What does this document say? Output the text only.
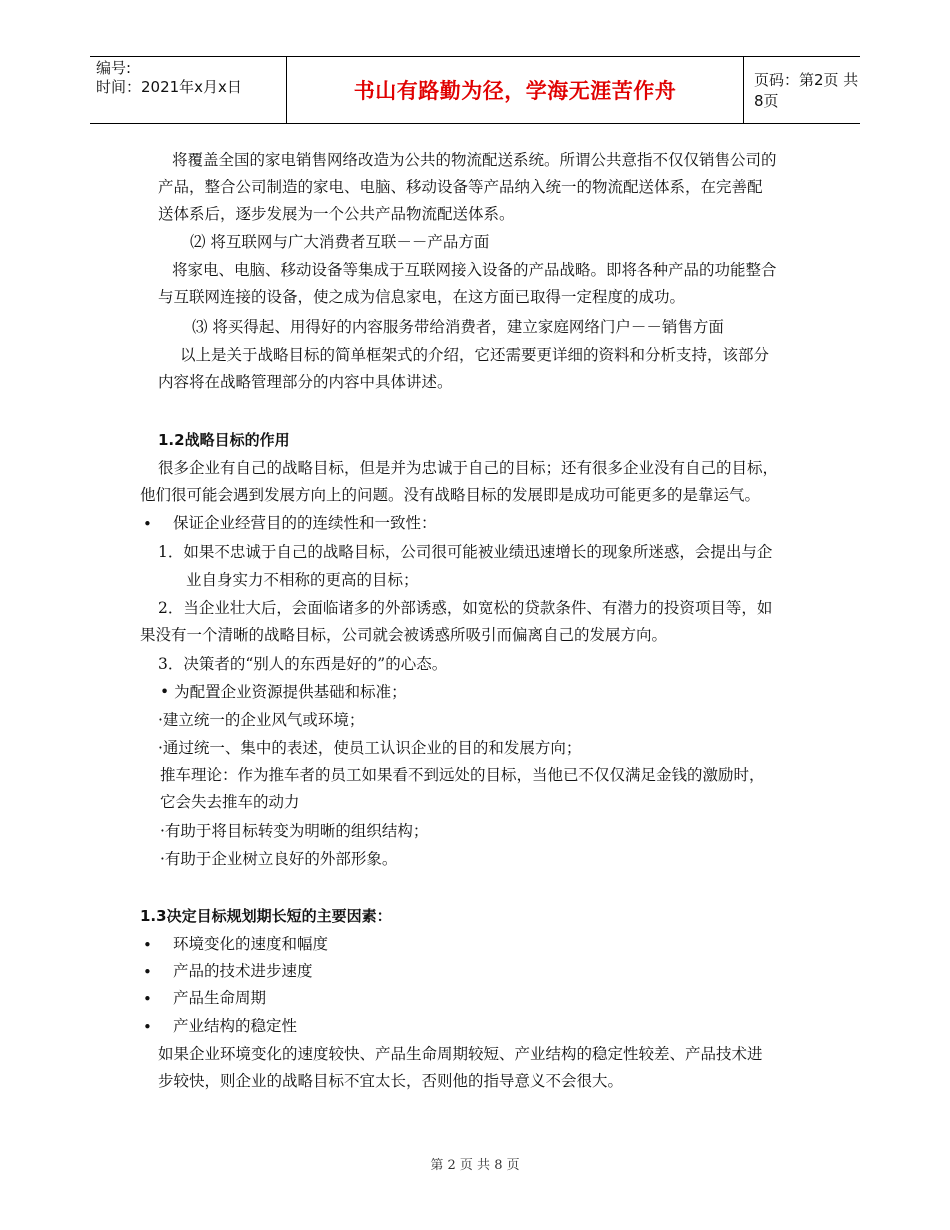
编号:
时间：2021年x月x日	书山有路勤为径，学海无涯苦作舟	页码：第2页 共8页
将覆盖全国的家电销售网络改造为公共的物流配送系统。所谓公共意指不仅仅销售公司的
产品，整合公司制造的家电、电脑、移动设备等产品纳入统一的物流配送体系，在完善配
送体系后，逐步发展为一个公共产品物流配送体系。
⑵ 将互联网与广大消费者互联－－产品方面
将家电、电脑、移动设备等集成于互联网接入设备的产品战略。即将各种产品的功能整合
与互联网连接的设备，使之成为信息家电，在这方面已取得一定程度的成功。
⑶ 将买得起、用得好的内容服务带给消费者，建立家庭网络门户－－销售方面
以上是关于战略目标的简单框架式的介绍，它还需要更详细的资料和分析支持，该部分
内容将在战略管理部分的内容中具体讲述。
1.2战略目标的作用
很多企业有自己的战略目标，但是并为忠诚于自己的目标；还有很多企业没有自己的目标，
他们很可能会遇到发展方向上的问题。没有战略目标的发展即是成功可能更多的是靠运气。
• 保证企业经营目的的连续性和一致性：
1．如果不忠诚于自己的战略目标，公司很可能被业绩迅速增长的现象所迷惑，会提出与企
业自身实力不相称的更高的目标；
2．当企业壮大后，会面临诸多的外部诱惑，如宽松的贷款条件、有潜力的投资项目等，如
果没有一个清晰的战略目标，公司就会被诱惑所吸引而偏离自己的发展方向。
3．决策者的“别人的东西是好的”的心态。
• 为配置企业资源提供基础和标准；
·建立统一的企业风气或环境；
·通过统一、集中的表述，使员工认识企业的目的和发展方向；
推车理论：作为推车者的员工如果看不到远处的目标，当他已不仅仅满足金钱的激励时，
它会失去推车的动力
·有助于将目标转变为明晰的组织结构；
·有助于企业树立良好的外部形象。
1.3决定目标规划期长短的主要因素：
• 环境变化的速度和幅度
• 产品的技术进步速度
• 产品生命周期
• 产业结构的稳定性
如果企业环境变化的速度较快、产品生命周期较短、产业结构的稳定性较差、产品技术进
步较快，则企业的战略目标不宜太长，否则他的指导意义不会很大。
第 2 页 共 8 页
